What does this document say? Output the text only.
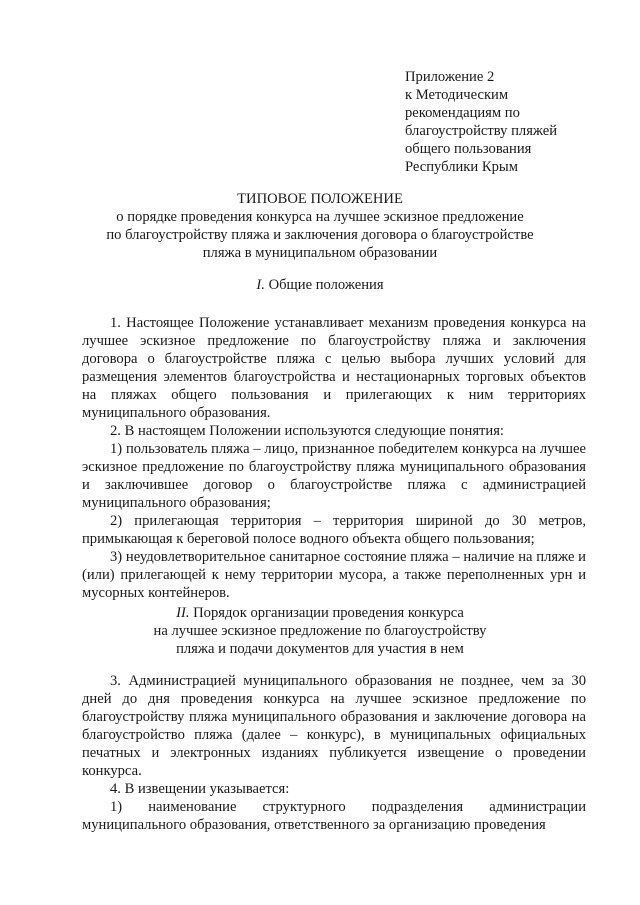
Приложение 2
к Методическим
рекомендациям по
благоустройству пляжей
общего пользования
Республики Крым
ТИПОВОЕ ПОЛОЖЕНИЕ
о порядке проведения конкурса на лучшее эскизное предложение
по благоустройству пляжа и заключения договора о благоустройстве
пляжа в муниципальном образовании
I. Общие положения
1. Настоящее Положение устанавливает механизм проведения конкурса на лучшее эскизное предложение по благоустройству пляжа и заключения договора о благоустройстве пляжа с целью выбора лучших условий для размещения элементов благоустройства и нестационарных торговых объектов на пляжах общего пользования и прилегающих к ним территориях муниципального образования.
2. В настоящем Положении используются следующие понятия:
1) пользователь пляжа – лицо, признанное победителем конкурса на лучшее эскизное предложение по благоустройству пляжа муниципального образования и заключившее договор о благоустройстве пляжа с администрацией муниципального образования;
2) прилегающая территория – территория шириной до 30 метров, примыкающая к береговой полосе водного объекта общего пользования;
3) неудовлетворительное санитарное состояние пляжа – наличие на пляже и (или) прилегающей к нему территории мусора, а также переполненных урн и мусорных контейнеров.
II. Порядок организации проведения конкурса
на лучшее эскизное предложение по благоустройству
пляжа и подачи документов для участия в нем
3. Администрацией муниципального образования не позднее, чем за 30 дней до дня проведения конкурса на лучшее эскизное предложение по благоустройству пляжа муниципального образования и заключение договора на благоустройство пляжа (далее – конкурс), в муниципальных официальных печатных и электронных изданиях публикуется извещение о проведении конкурса.
4. В извещении указывается:
1) наименование структурного подразделения администрации муниципального образования, ответственного за организацию проведения
